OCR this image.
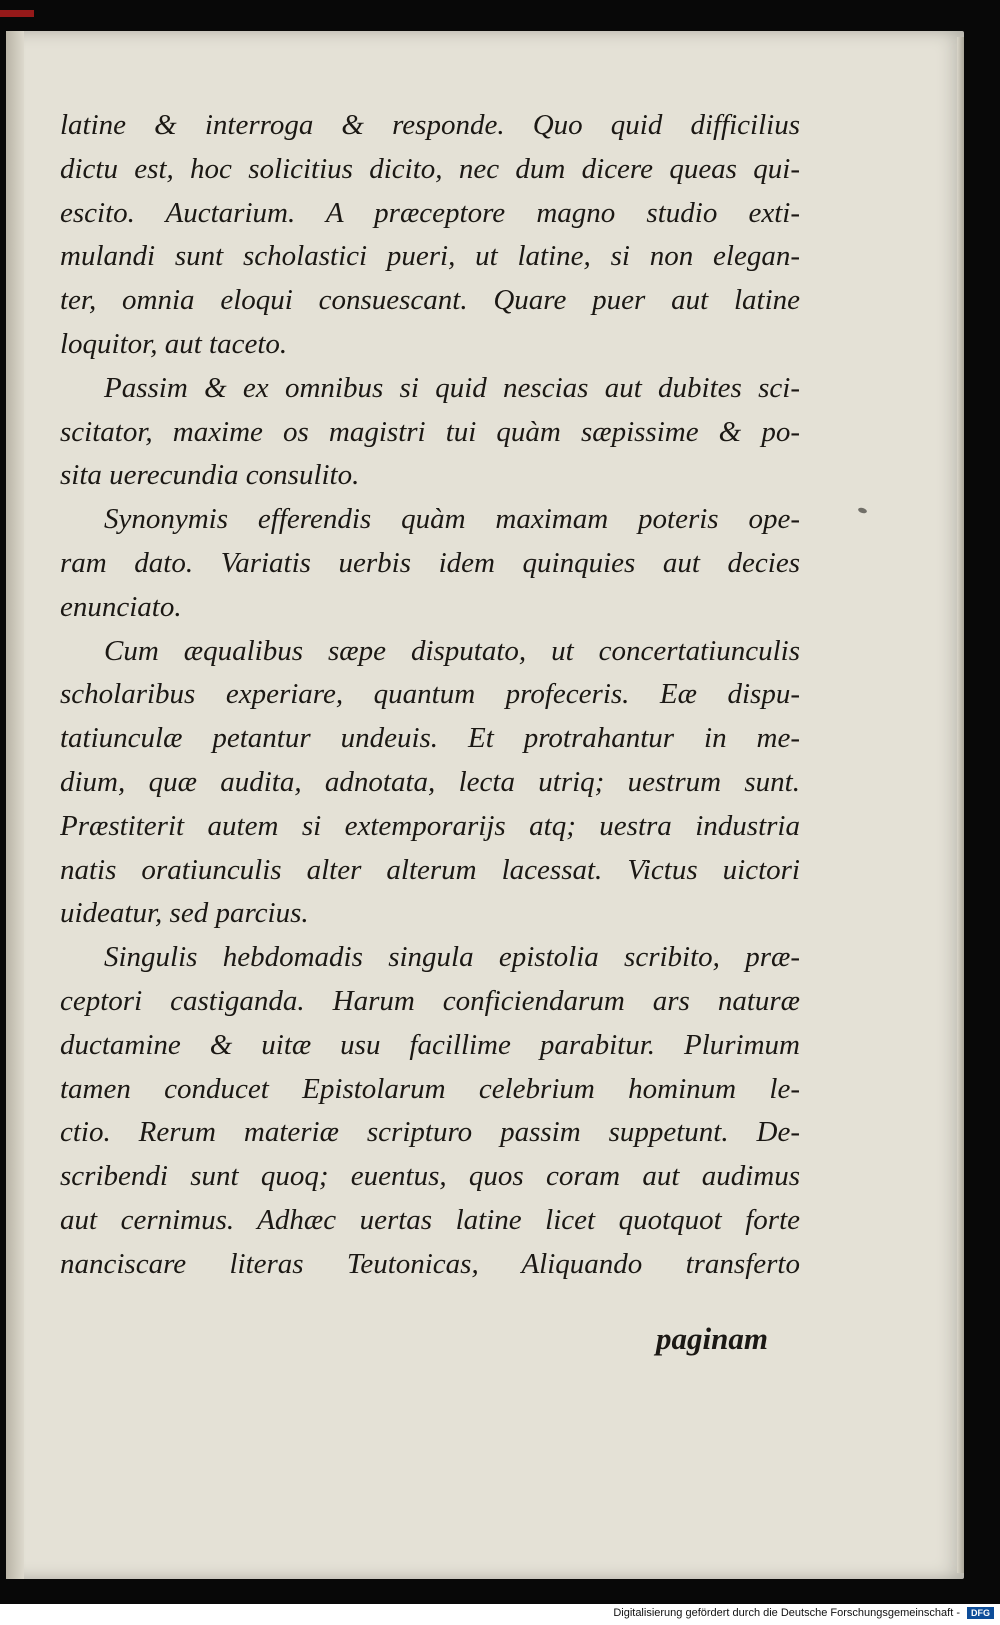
latine & interroga & responde. Quo quid difficilius
dictu est, hoc solicitius dicito, nec dum dicere queas qui-
escito. Auctarium. A præceptore magno studio exti-
mulandi sunt scholastici pueri, ut latine, si non elegan-
ter, omnia eloqui consuescant. Quare puer aut latine
loquitor, aut taceto.
Passim & ex omnibus si quid nescias aut dubites sci-
scitator, maxime os magistri tui quàm sæpissime & po-
sita uerecundia consulito.
Synonymis efferendis quàm maximam poteris ope-
ram dato. Variatis uerbis idem quinquies aut decies
enunciato.
Cum æqualibus sæpe disputato, ut concertatiunculis
scholaribus experiare, quantum profeceris. Eæ dispu-
tatiunculæ petantur undeuis. Et protrahantur in me-
dium, quæ audita, adnotata, lecta utriq; uestrum sunt.
Præstiterit autem si extemporarijs atq; uestra industria
natis oratiunculis alter alterum lacessat. Victus uictori
uideatur, sed parcius.
Singulis hebdomadis singula epistolia scribito, præ-
ceptori castiganda. Harum conficiendarum ars naturæ
ductamine & uitæ usu facillime parabitur. Plurimum
tamen conducet Epistolarum celebrium hominum le-
ctio. Rerum materiæ scripturo passim suppetunt. De-
scribendi sunt quoq; euentus, quos coram aut audimus
aut cernimus. Adhæc uertas latine licet quotquot forte
nanciscare literas Teutonicas, Aliquando transferto
paginam
Digitalisierung gefördert durch die Deutsche Forschungsgemeinschaft -	DFG
